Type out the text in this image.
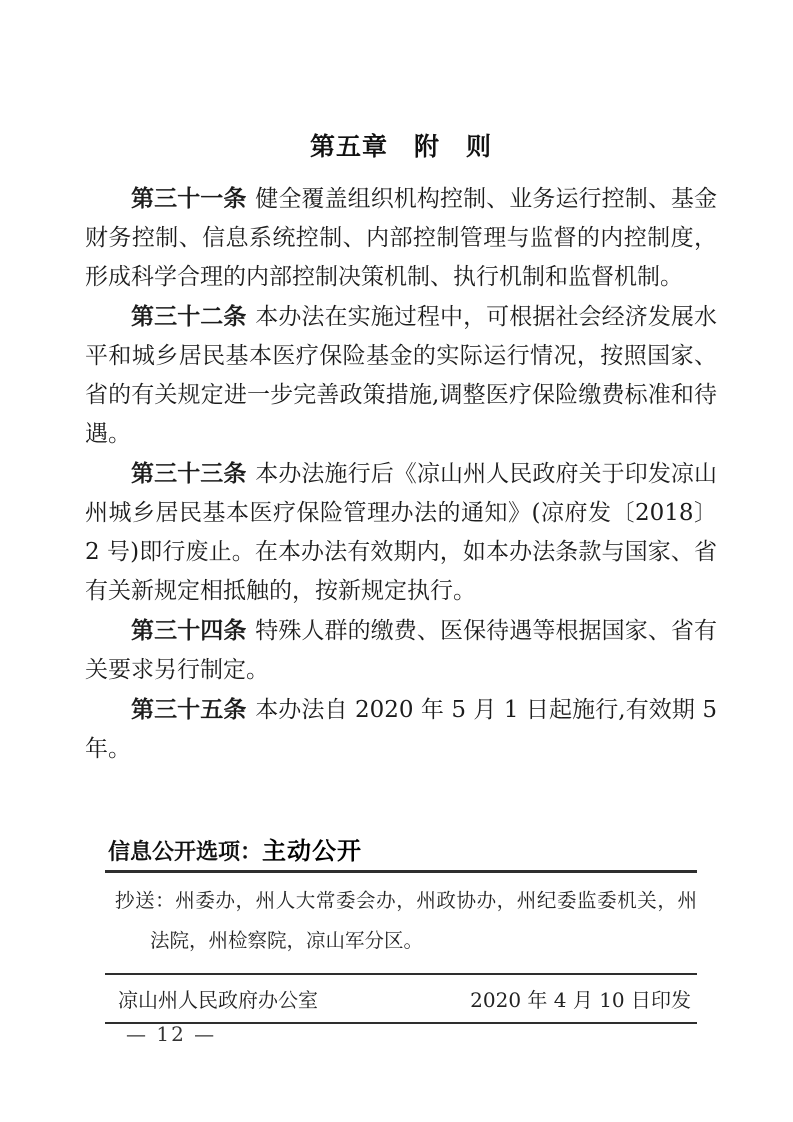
第五章　附　则

第三十一条 健全覆盖组织机构控制、业务运行控制、基金财务控制、信息系统控制、内部控制管理与监督的内控制度，形成科学合理的内部控制决策机制、执行机制和监督机制。

第三十二条 本办法在实施过程中，可根据社会经济发展水平和城乡居民基本医疗保险基金的实际运行情况，按照国家、省的有关规定进一步完善政策措施,调整医疗保险缴费标准和待遇。

第三十三条 本办法施行后《凉山州人民政府关于印发凉山州城乡居民基本医疗保险管理办法的通知》(凉府发〔2018〕2 号)即行废止。在本办法有效期内，如本办法条款与国家、省有关新规定相抵触的，按新规定执行。

第三十四条 特殊人群的缴费、医保待遇等根据国家、省有关要求另行制定。

第三十五条 本办法自 2020 年 5 月 1 日起施行,有效期 5 年。

信息公开选项：主动公开

抄送：州委办，州人大常委会办，州政协办，州纪委监委机关，州法院，州检察院，凉山军分区。

凉山州人民政府办公室	2020 年 4 月 10 日印发
— 12 —
